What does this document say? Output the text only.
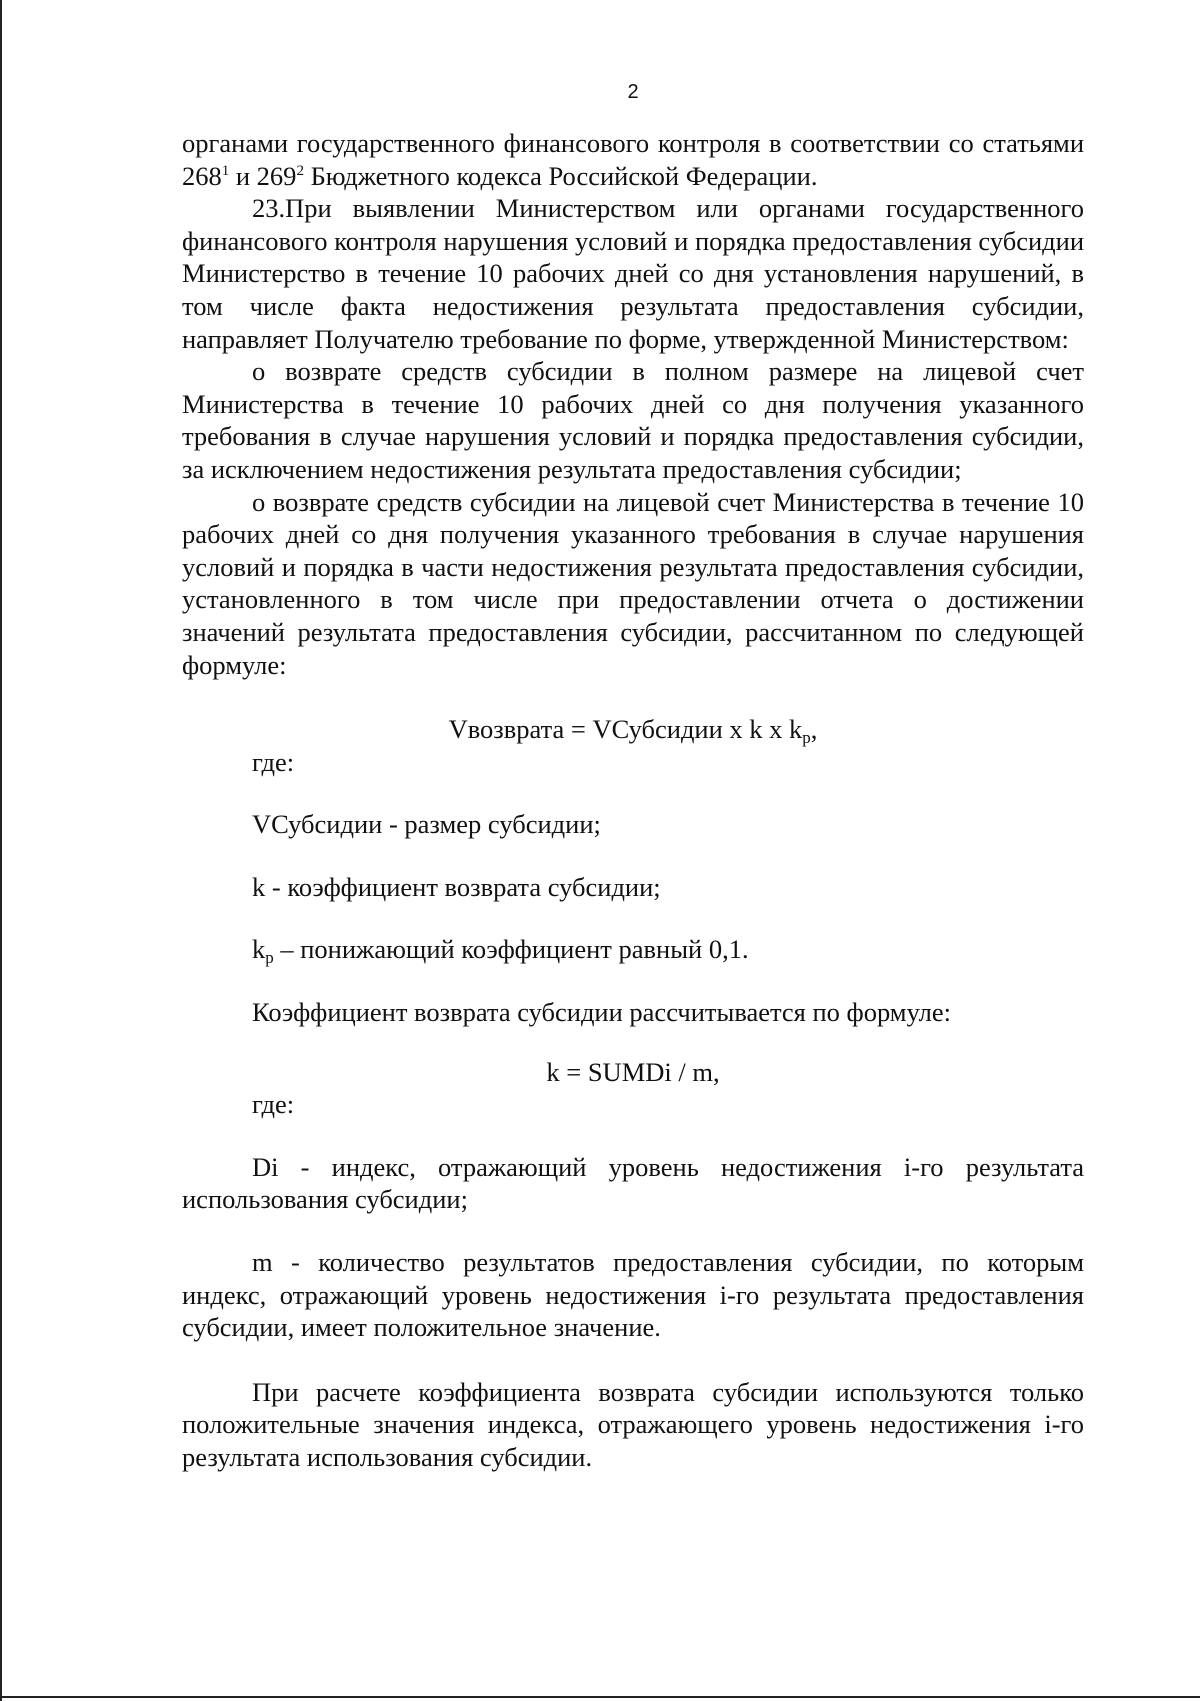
2

органами государственного финансового контроля в соответствии со статьями $268^1$ и $269^2$ Бюджетного кодекса Российской Федерации.

23.При выявлении Министерством или органами государственного финансового контроля нарушения условий и порядка предоставления субсидии Министерство в течение 10 рабочих дней со дня установления нарушений, в том числе факта недостижения результата предоставления субсидии, направляет Получателю требование по форме, утвержденной Министерством:

о возврате средств субсидии в полном размере на лицевой счет Министерства в течение 10 рабочих дней со дня получения указанного требования в случае нарушения условий и порядка предоставления субсидии, за исключением недостижения результата предоставления субсидии;

о возврате средств субсидии на лицевой счет Министерства в течение 10 рабочих дней со дня получения указанного требования в случае нарушения условий и порядка в части недостижения результата предоставления субсидии, установленного в том числе при предоставлении отчета о достижении значений результата предоставления субсидии, рассчитанном по следующей формуле:

Vвозврата = VСубсидии x k x $k_p$,

где:

VСубсидии - размер субсидии;

k - коэффициент возврата субсидии;

$k_p$ – понижающий коэффициент равный 0,1.

Коэффициент возврата субсидии рассчитывается по формуле:

k = SUMDi / m,

где:

Di - индекс, отражающий уровень недостижения i-го результата использования субсидии;

m - количество результатов предоставления субсидии, по которым индекс, отражающий уровень недостижения i-го результата предоставления субсидии, имеет положительное значение.

При расчете коэффициента возврата субсидии используются только положительные значения индекса, отражающего уровень недостижения i-го результата использования субсидии.
